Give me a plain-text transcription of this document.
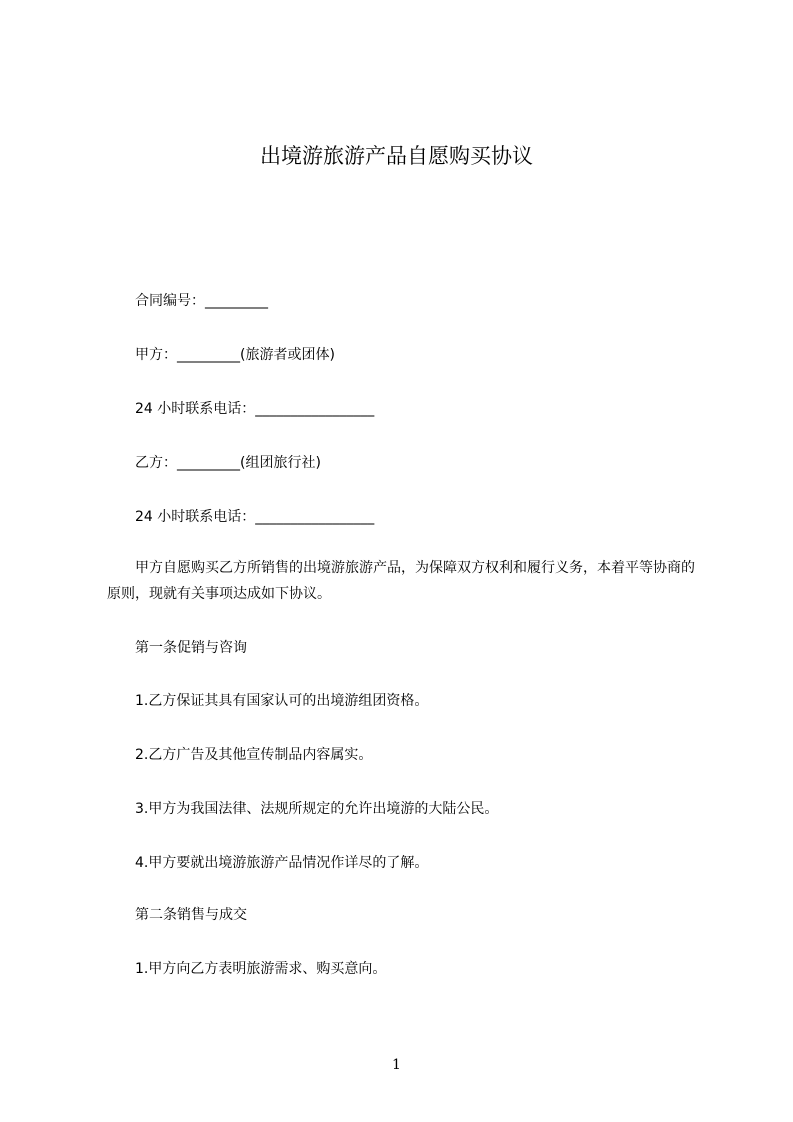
出境游旅游产品自愿购买协议
合同编号：_________
甲方：_________(旅游者或团体)
24 小时联系电话：_________________
乙方：_________(组团旅行社)
24 小时联系电话：_________________
甲方自愿购买乙方所销售的出境游旅游产品，为保障双方权利和履行义务，本着平等协商的原则，现就有关事项达成如下协议。
第一条促销与咨询
1.乙方保证其具有国家认可的出境游组团资格。
2.乙方广告及其他宣传制品内容属实。
3.甲方为我国法律、法规所规定的允许出境游的大陆公民。
4.甲方要就出境游旅游产品情况作详尽的了解。
第二条销售与成交
1.甲方向乙方表明旅游需求、购买意向。
1
